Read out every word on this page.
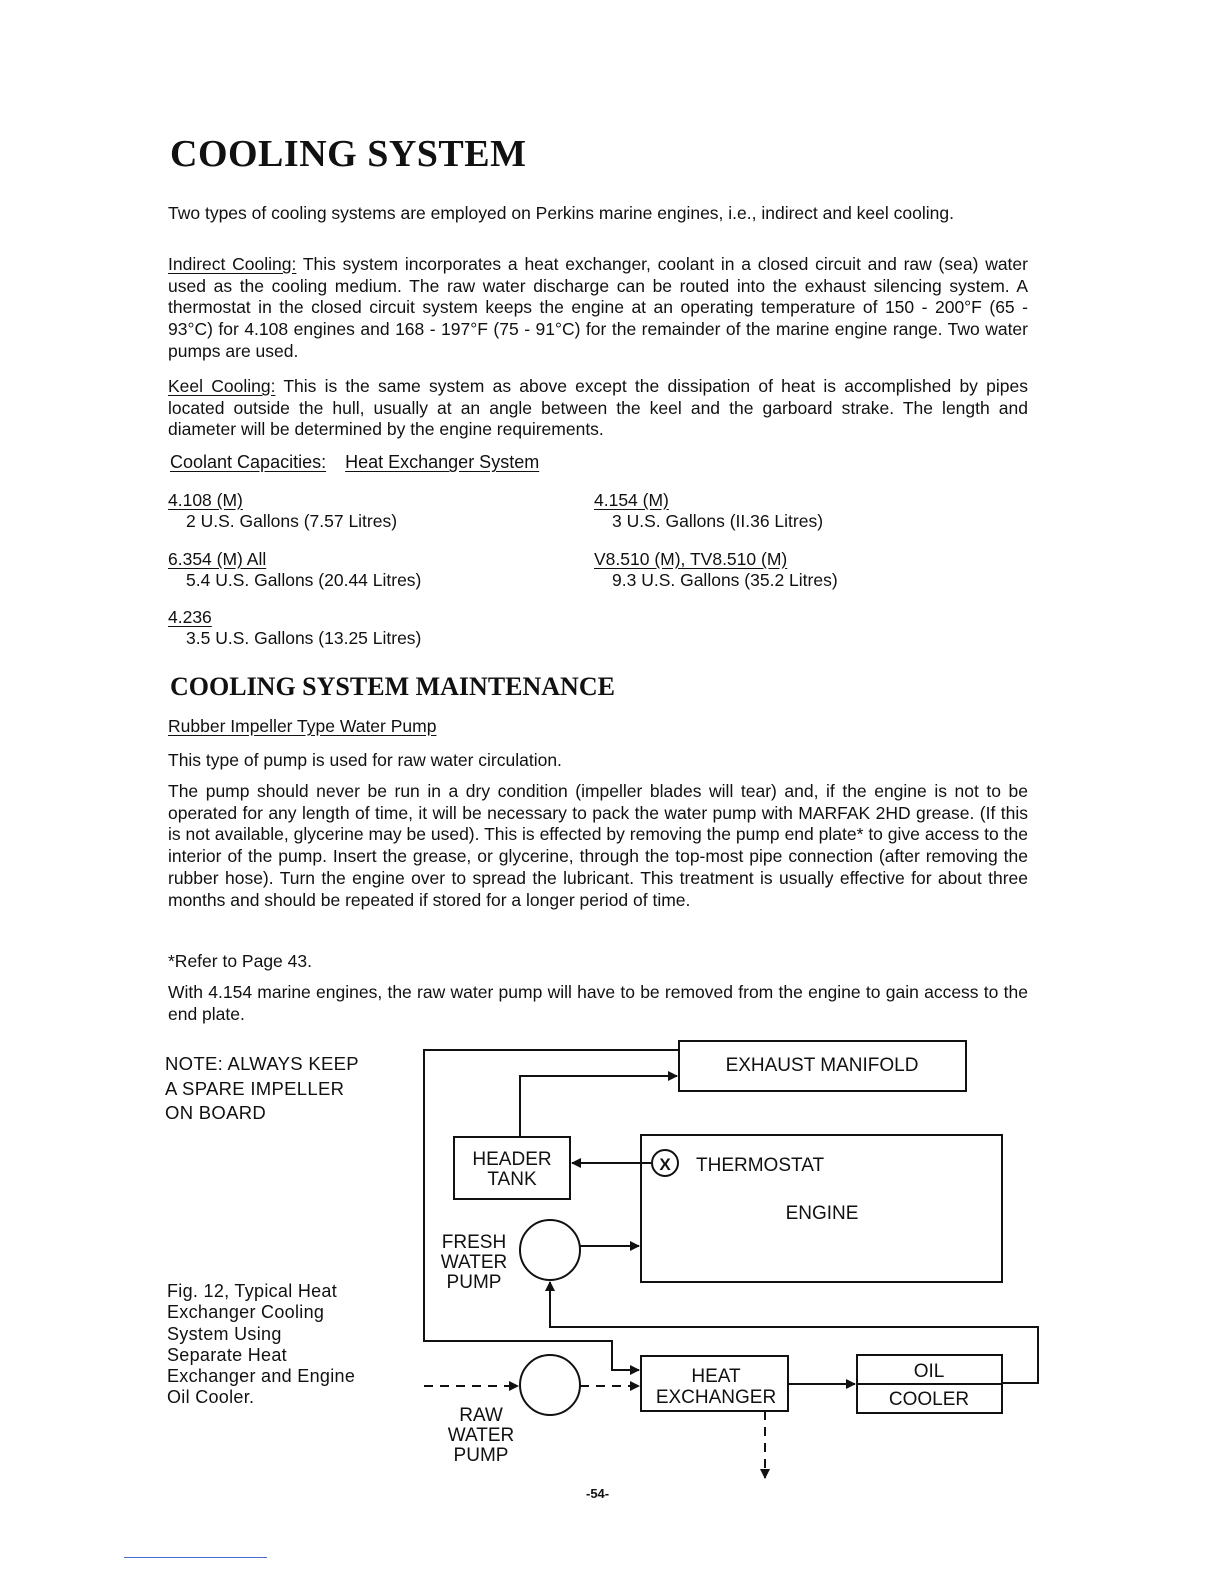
COOLING SYSTEM

Two types of cooling systems are employed on Perkins marine engines, i.e., indirect and keel cooling.

Indirect Cooling: This system incorporates a heat exchanger, coolant in a closed circuit and raw (sea) water used as the cooling medium. The raw water discharge can be routed into the exhaust silencing system. A thermostat in the closed circuit system keeps the engine at an operating temperature of 150 - 200°F (65 - 93°C) for 4.108 engines and 168 - 197°F (75 - 91°C) for the remainder of the marine engine range. Two water pumps are used.

Keel Cooling: This is the same system as above except the dissipation of heat is accomplished by pipes located outside the hull, usually at an angle between the keel and the garboard strake. The length and diameter will be determined by the engine requirements.

Coolant Capacities: Heat Exchanger System
4.108 (M)
2 U.S. Gallons (7.57 Litres)
4.154 (M)
3 U.S. Gallons (II.36 Litres)
6.354 (M) All
5.4 U.S. Gallons (20.44 Litres)
V8.510 (M), TV8.510 (M)
9.3 U.S. Gallons (35.2 Litres)
4.236
3.5 U.S. Gallons (13.25 Litres)
COOLING SYSTEM MAINTENANCE
Rubber Impeller Type Water Pump

This type of pump is used for raw water circulation.

The pump should never be run in a dry condition (impeller blades will tear) and, if the engine is not to be operated for any length of time, it will be necessary to pack the water pump with MARFAK 2HD grease. (If this is not available, glycerine may be used). This is effected by removing the pump end plate* to give access to the interior of the pump. Insert the grease, or glycerine, through the top-most pipe connection (after removing the rubber hose). Turn the engine over to spread the lubricant. This treatment is usually effective for about three months and should be repeated if stored for a longer period of time.

*Refer to Page 43.

With 4.154 marine engines, the raw water pump will have to be removed from the engine to gain access to the end plate.

NOTE: ALWAYS KEEP
A SPARE IMPELLER
ON BOARD
Fig. 12, Typical Heat
Exchanger Cooling
System Using
Separate Heat
Exchanger and Engine
Oil Cooler.
EXHAUST MANIFOLD
HEADER
TANK
X THERMOSTAT
ENGINE
FRESH
WATER
PUMP
HEAT
EXCHANGER
OIL
COOLER
RAW
WATER
PUMP
-54-
